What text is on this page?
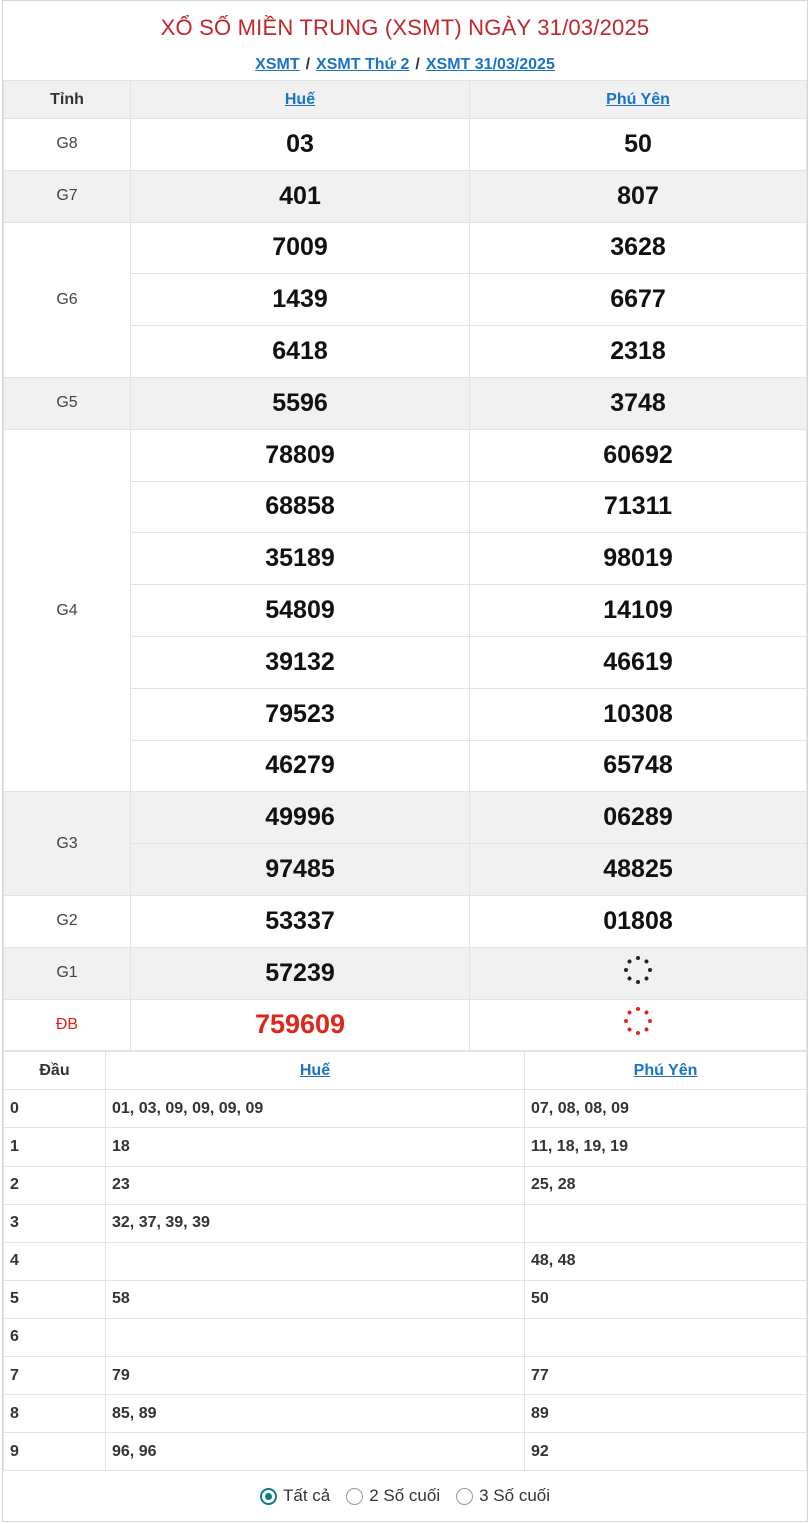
XỔ SỐ MIỀN TRUNG (XSMT) NGÀY 31/03/2025
XSMT / XSMT Thứ 2 / XSMT 31/03/2025
Tỉnh	Huế	Phú Yên
G8	03	50
G7	401	807
G6	7009	3628
	1439	6677
	6418	2318
G5	5596	3748
G4	78809	60692
	68858	71311
	35189	98019
	54809	14109
	39132	46619
	79523	10308
	46279	65748
G3	49996	06289
	97485	48825
G2	53337	01808
G1	57239	

ĐB	759609	
Đầu	Huế	Phú Yên
0	01, 03, 09, 09, 09, 09	07, 08, 08, 09
1	18	11, 18, 19, 19
2	23	25, 28
3	32, 37, 39, 39	
4		48, 48
5	58	50
6		
7	79	77
8	85, 89	89
9	96, 96	92
Tất cả 2 Số cuối 3 Số cuối
